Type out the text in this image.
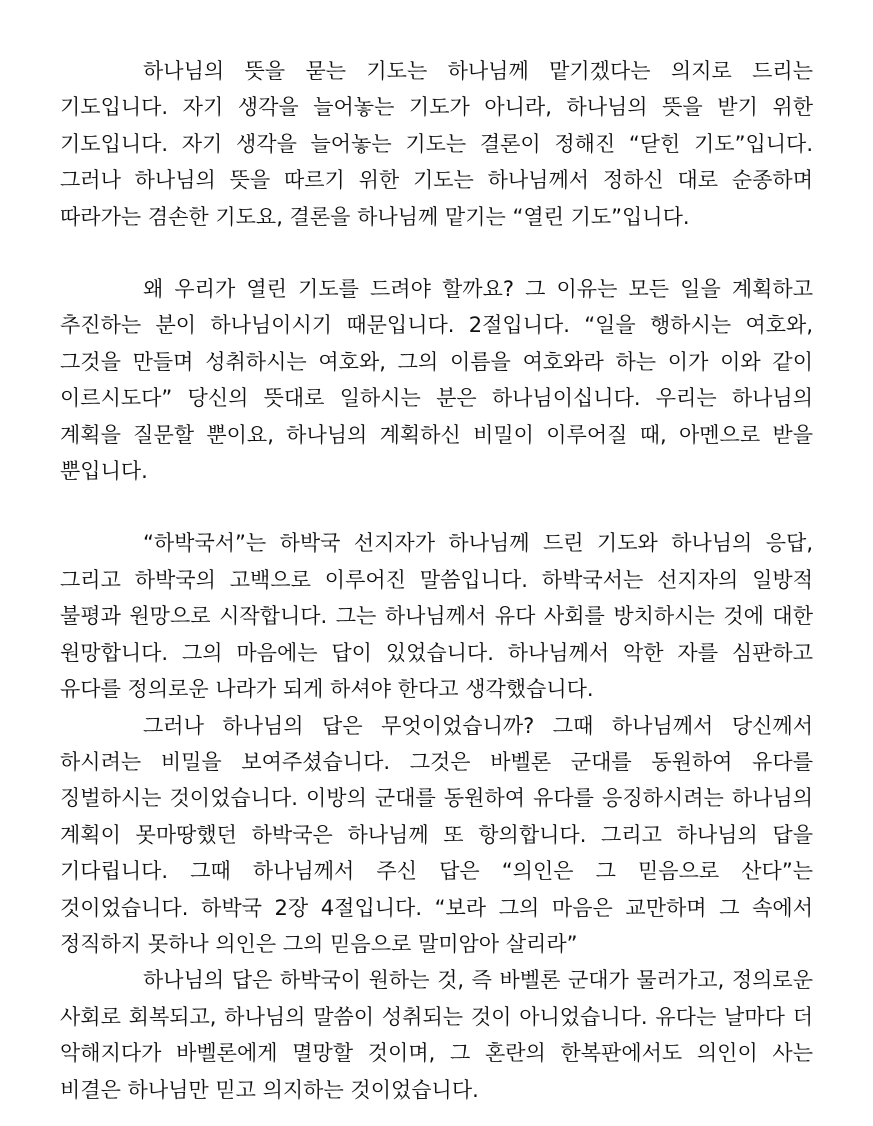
하나님의 뜻을 묻는 기도는 하나님께 맡기겠다는 의지로 드리는 기도입니다. 자기 생각을 늘어놓는 기도가 아니라, 하나님의 뜻을 받기 위한 기도입니다. 자기 생각을 늘어놓는 기도는 결론이 정해진 “닫힌 기도”입니다. 그러나 하나님의 뜻을 따르기 위한 기도는 하나님께서 정하신 대로 순종하며 따라가는 겸손한 기도요, 결론을 하나님께 맡기는 “열린 기도”입니다.

왜 우리가 열린 기도를 드려야 할까요? 그 이유는 모든 일을 계획하고 추진하는 분이 하나님이시기 때문입니다. 2절입니다. “일을 행하시는 여호와, 그것을 만들며 성취하시는 여호와, 그의 이름을 여호와라 하는 이가 이와 같이 이르시도다” 당신의 뜻대로 일하시는 분은 하나님이십니다. 우리는 하나님의 계획을 질문할 뿐이요, 하나님의 계획하신 비밀이 이루어질 때, 아멘으로 받을 뿐입니다.

“하박국서”는 하박국 선지자가 하나님께 드린 기도와 하나님의 응답, 그리고 하박국의 고백으로 이루어진 말씀입니다. 하박국서는 선지자의 일방적 불평과 원망으로 시작합니다. 그는 하나님께서 유다 사회를 방치하시는 것에 대한 원망합니다. 그의 마음에는 답이 있었습니다. 하나님께서 악한 자를 심판하고 유다를 정의로운 나라가 되게 하셔야 한다고 생각했습니다.

그러나 하나님의 답은 무엇이었습니까? 그때 하나님께서 당신께서 하시려는 비밀을 보여주셨습니다. 그것은 바벨론 군대를 동원하여 유다를 징벌하시는 것이었습니다. 이방의 군대를 동원하여 유다를 응징하시려는 하나님의 계획이 못마땅했던 하박국은 하나님께 또 항의합니다. 그리고 하나님의 답을 기다립니다. 그때 하나님께서 주신 답은 “의인은 그 믿음으로 산다”는 것이었습니다. 하박국 2장 4절입니다. “보라 그의 마음은 교만하며 그 속에서 정직하지 못하나 의인은 그의 믿음으로 말미암아 살리라”

하나님의 답은 하박국이 원하는 것, 즉 바벨론 군대가 물러가고, 정의로운 사회로 회복되고, 하나님의 말씀이 성취되는 것이 아니었습니다. 유다는 날마다 더 악해지다가 바벨론에게 멸망할 것이며, 그 혼란의 한복판에서도 의인이 사는 비결은 하나님만 믿고 의지하는 것이었습니다.
